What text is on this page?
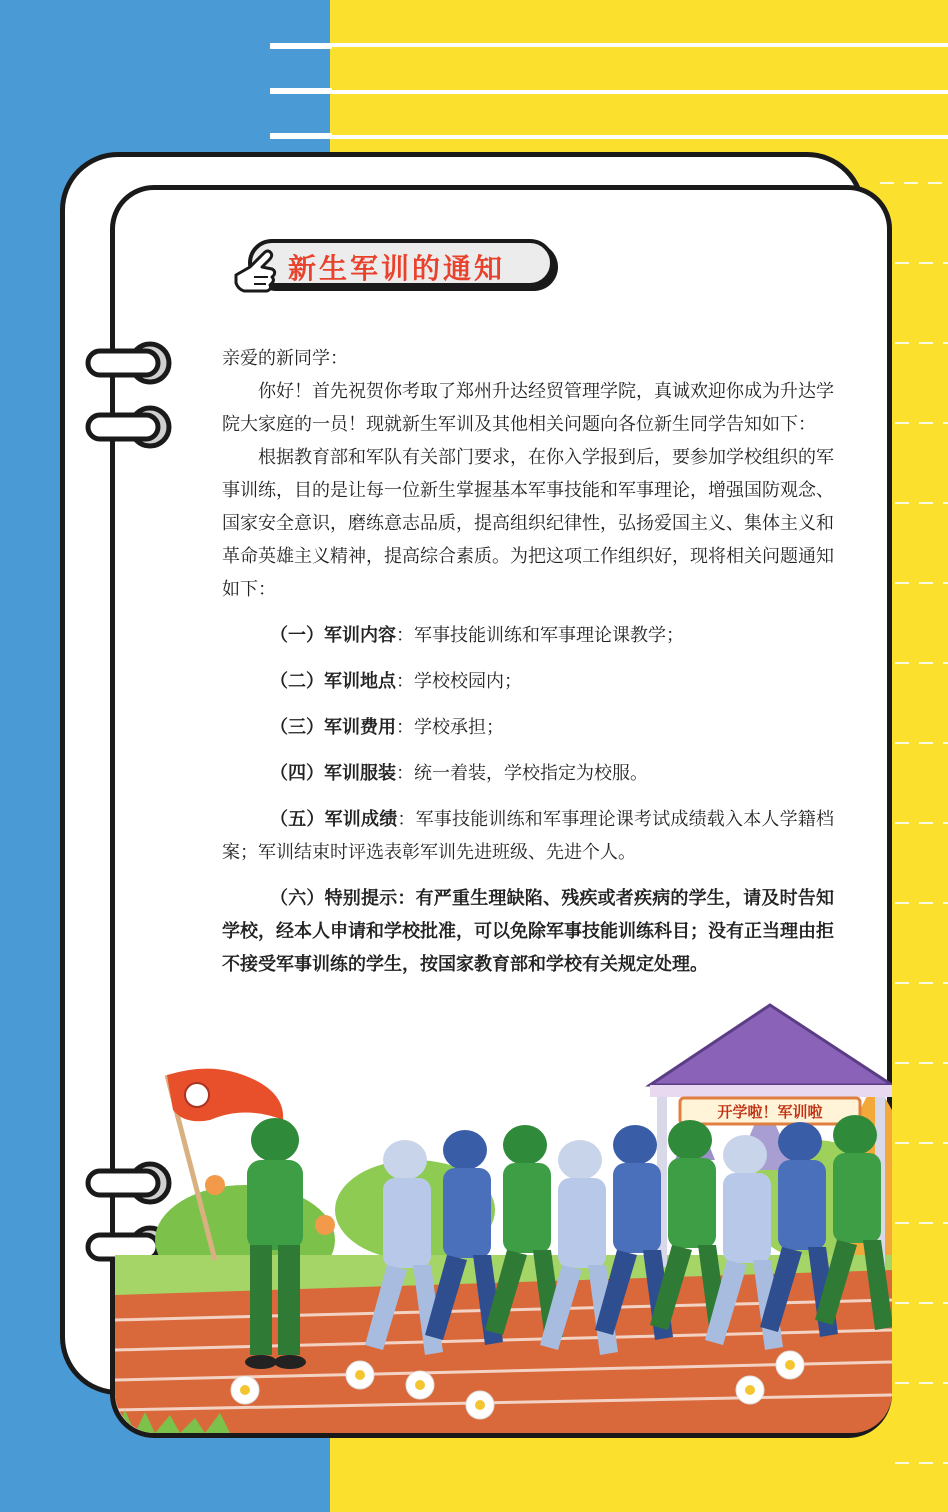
新生军训的通知

亲爱的新同学：

你好！首先祝贺你考取了郑州升达经贸管理学院，真诚欢迎你成为升达学院大家庭的一员！现就新生军训及其他相关问题向各位新生同学告知如下：

根据教育部和军队有关部门要求，在你入学报到后，要参加学校组织的军事训练，目的是让每一位新生掌握基本军事技能和军事理论，增强国防观念、国家安全意识，磨练意志品质，提高组织纪律性，弘扬爱国主义、集体主义和革命英雄主义精神，提高综合素质。为把这项工作组织好，现将相关问题通知如下：

（一）军训内容：军事技能训练和军事理论课教学；

（二）军训地点：学校校园内；

（三）军训费用：学校承担；

（四）军训服装：统一着装，学校指定为校服。

（五）军训成绩：军事技能训练和军事理论课考试成绩载入本人学籍档案；军训结束时评选表彰军训先进班级、先进个人。

（六）特别提示：有严重生理缺陷、残疾或者疾病的学生，请及时告知学校，经本人申请和学校批准，可以免除军事技能训练科目；没有正当理由拒不接受军事训练的学生，按国家教育部和学校有关规定处理。

开学啦！军训啦
